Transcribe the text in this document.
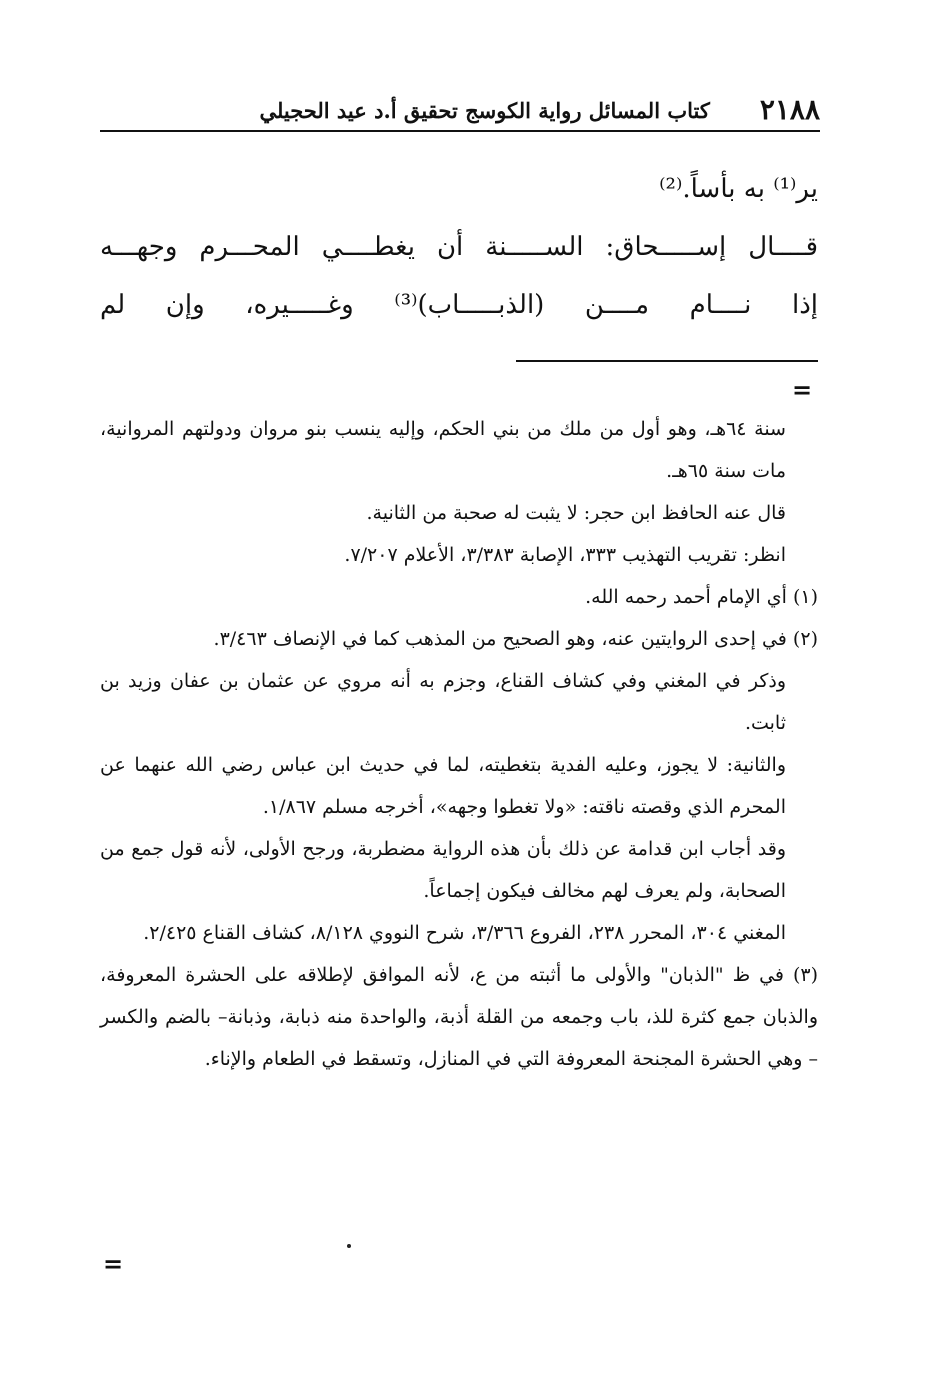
٢١٨٨
كتاب المسائل رواية الكوسج تحقيق أ.د عيد الحجيلي
ير⁽¹⁾ به بأساً.⁽²⁾
قــــال إســـــحاق: الســـــنة أن يغطــــي المحـــرم وجهـــه
إذا نــــام مــــن (الذبـــــاب)⁽³⁾ وغـــــيره، وإن لم
=

سنة ٦٤هـ، وهو أول من ملك من بني الحكم، وإليه ينسب بنو مروان ودولتهم المروانية، مات سنة ٦٥هـ.

قال عنه الحافظ ابن حجر: لا يثبت له صحبة من الثانية.

انظر: تقريب التهذيب ٣٣٣، الإصابة ٣/٣٨٣، الأعلام ٧/٢٠٧.

(١) أي الإمام أحمد رحمه الله.

(٢) في إحدى الروايتين عنه، وهو الصحيح من المذهب كما في الإنصاف ٣/٤٦٣.

وذكر في المغني وفي كشاف القناع، وجزم به أنه مروي عن عثمان بن عفان وزيد بن ثابت.

والثانية: لا يجوز، وعليه الفدية بتغطيته، لما في حديث ابن عباس رضي الله عنهما عن المحرم الذي وقصته ناقته: «ولا تغطوا وجهه»، أخرجه مسلم ١/٨٦٧.

وقد أجاب ابن قدامة عن ذلك بأن هذه الرواية مضطربة، ورجح الأولى، لأنه قول جمع من الصحابة، ولم يعرف لهم مخالف فيكون إجماعاً.

المغني ٣٠٤، المحرر ٢٣٨، الفروع ٣/٣٦٦، شرح النووي ٨/١٢٨، كشاف القناع ٢/٤٢٥.

(٣) في ظ "الذبان" والأولى ما أثبته من ع، لأنه الموافق لإطلاقه على الحشرة المعروفة، والذبان جمع كثرة للذ، باب وجمعه من القلة أذبة، والواحدة منه ذبابة، وذبانة– بالضم والكسر – وهي الحشرة المجنحة المعروفة التي في المنازل، وتسقط في الطعام والإناء.

=
